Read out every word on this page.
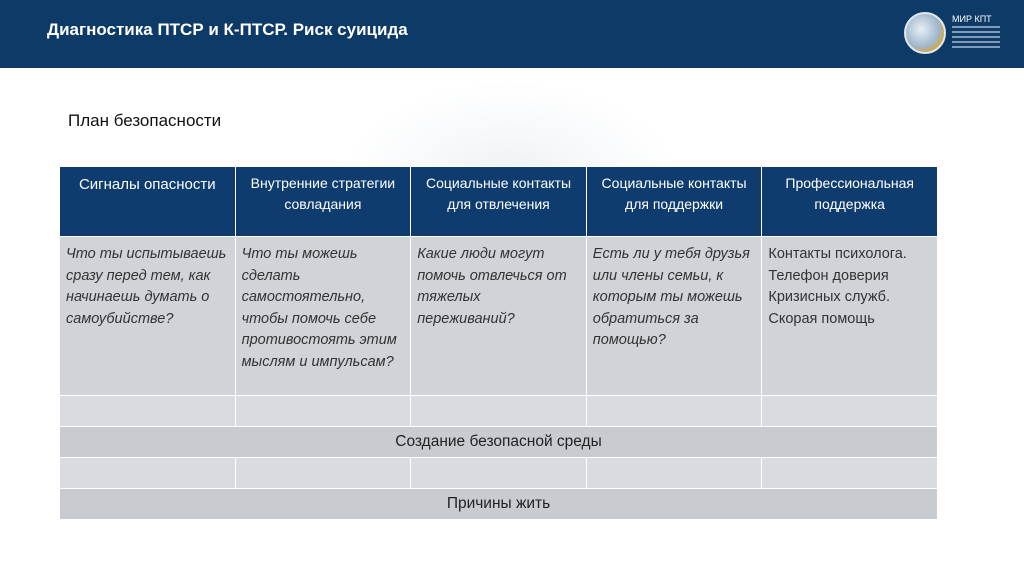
Диагностика ПТСР и К-ПТСР. Риск суицида
МИР КПТ
План безопасности
Сигналы опасности	Внутренние стратегии совладания	Социальные контакты для отвлечения	Социальные контакты для поддержки	Профессиональная поддержка
Что ты испытываешь сразу перед тем, как начинаешь думать о самоубийстве?	Что ты можешь сделать самостоятельно, чтобы помочь себе противостоять этим мыслям и импульсам?	Какие люди могут помочь отвлечься от тяжелых переживаний?	Есть ли у тебя друзья или члены семьи, к которым ты можешь обратиться за помощью?	Контакты психолога. Телефон доверия Кризисных служб. Скорая помощь

Создание безопасной среды				

Причины жить				
